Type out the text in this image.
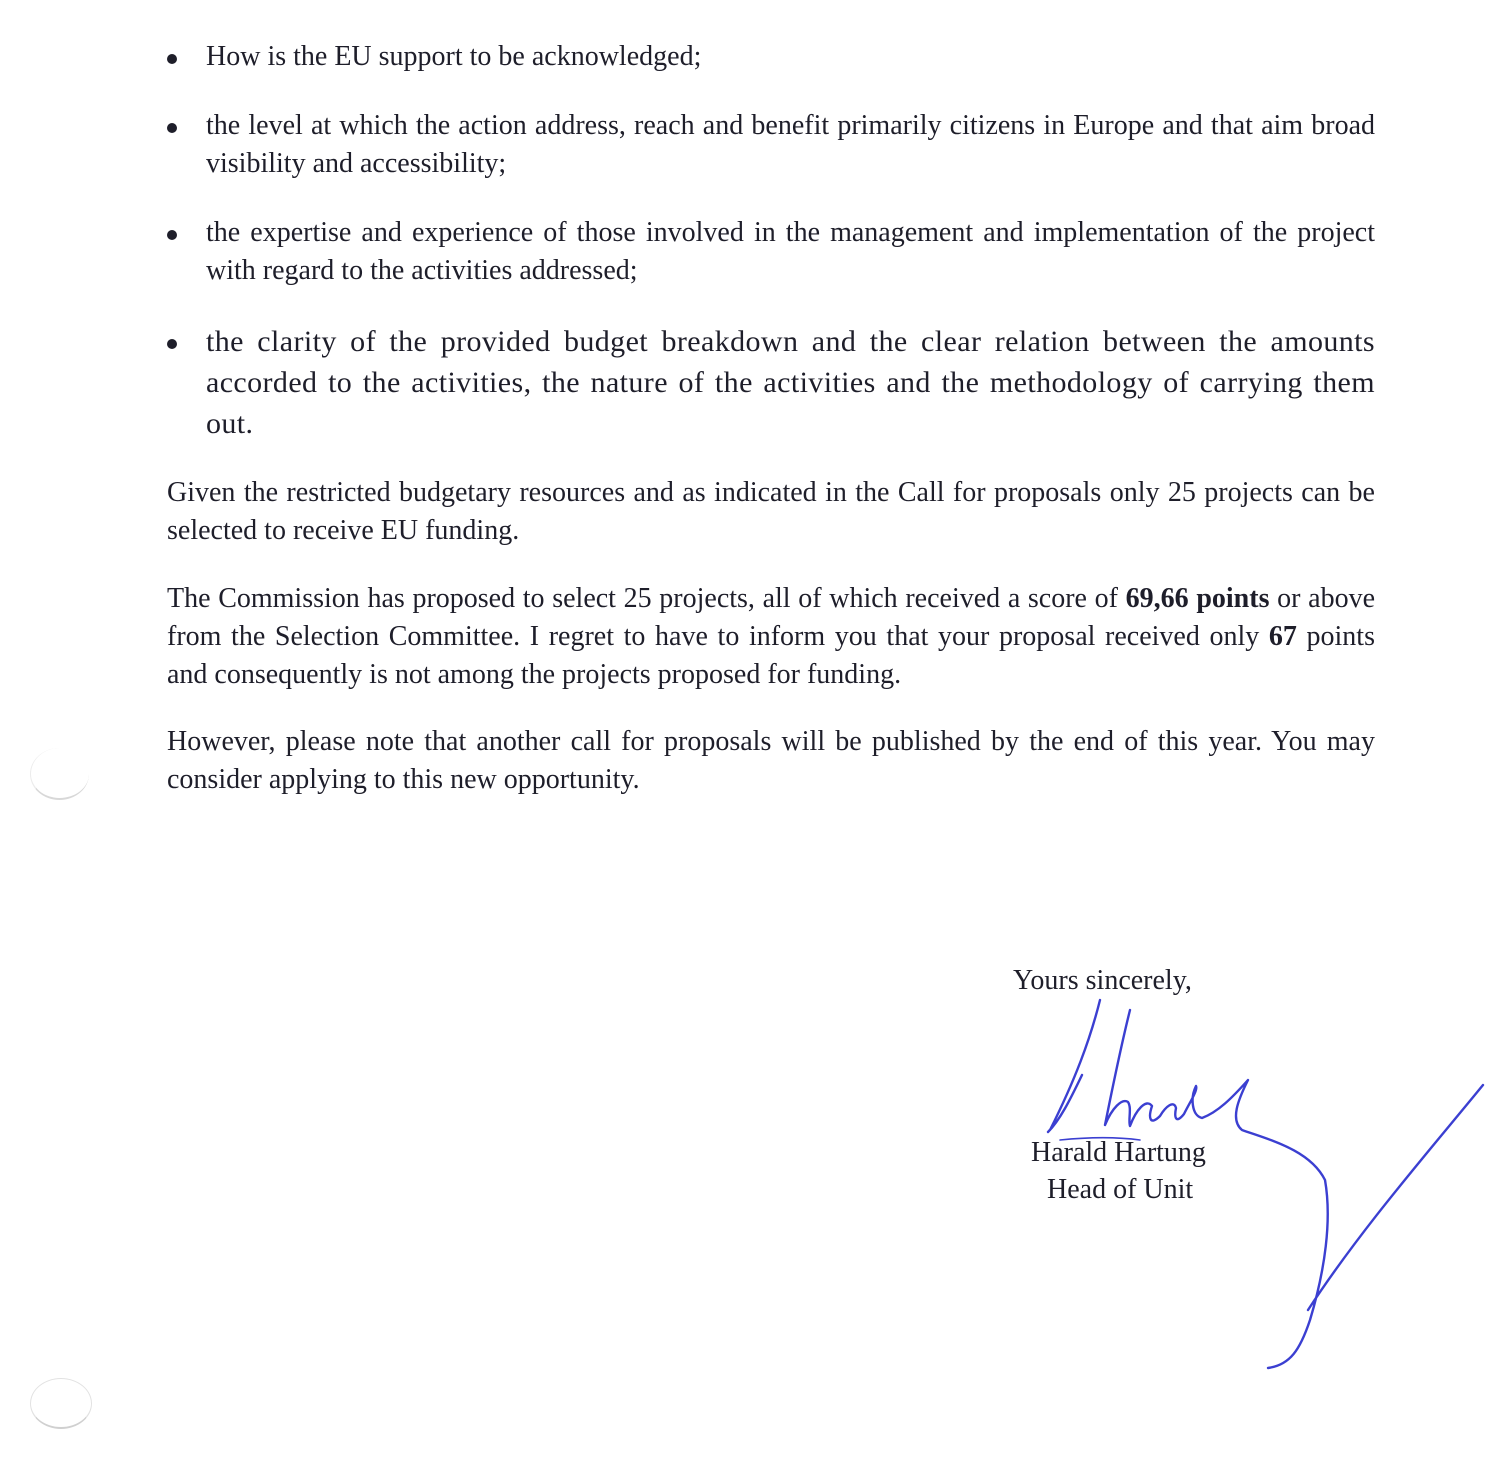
How is the EU support to be acknowledged;
the level at which the action address, reach and benefit primarily citizens in Europe and that aim broad visibility and accessibility;
the expertise and experience of those involved in the management and implementation of the project with regard to the activities addressed;
the clarity of the provided budget breakdown and the clear relation between the amounts accorded to the activities, the nature of the activities and the methodology of carrying them out.

Given the restricted budgetary resources and as indicated in the Call for proposals only 25 projects can be selected to receive EU funding.

The Commission has proposed to select 25 projects, all of which received a score of 69,66 points or above from the Selection Committee. I regret to have to inform you that your proposal received only 67 points and consequently is not among the projects proposed for funding.

However, please note that another call for proposals will be published by the end of this year. You may consider applying to this new opportunity.

Yours sincerely,
Harald Hartung
Head of Unit
